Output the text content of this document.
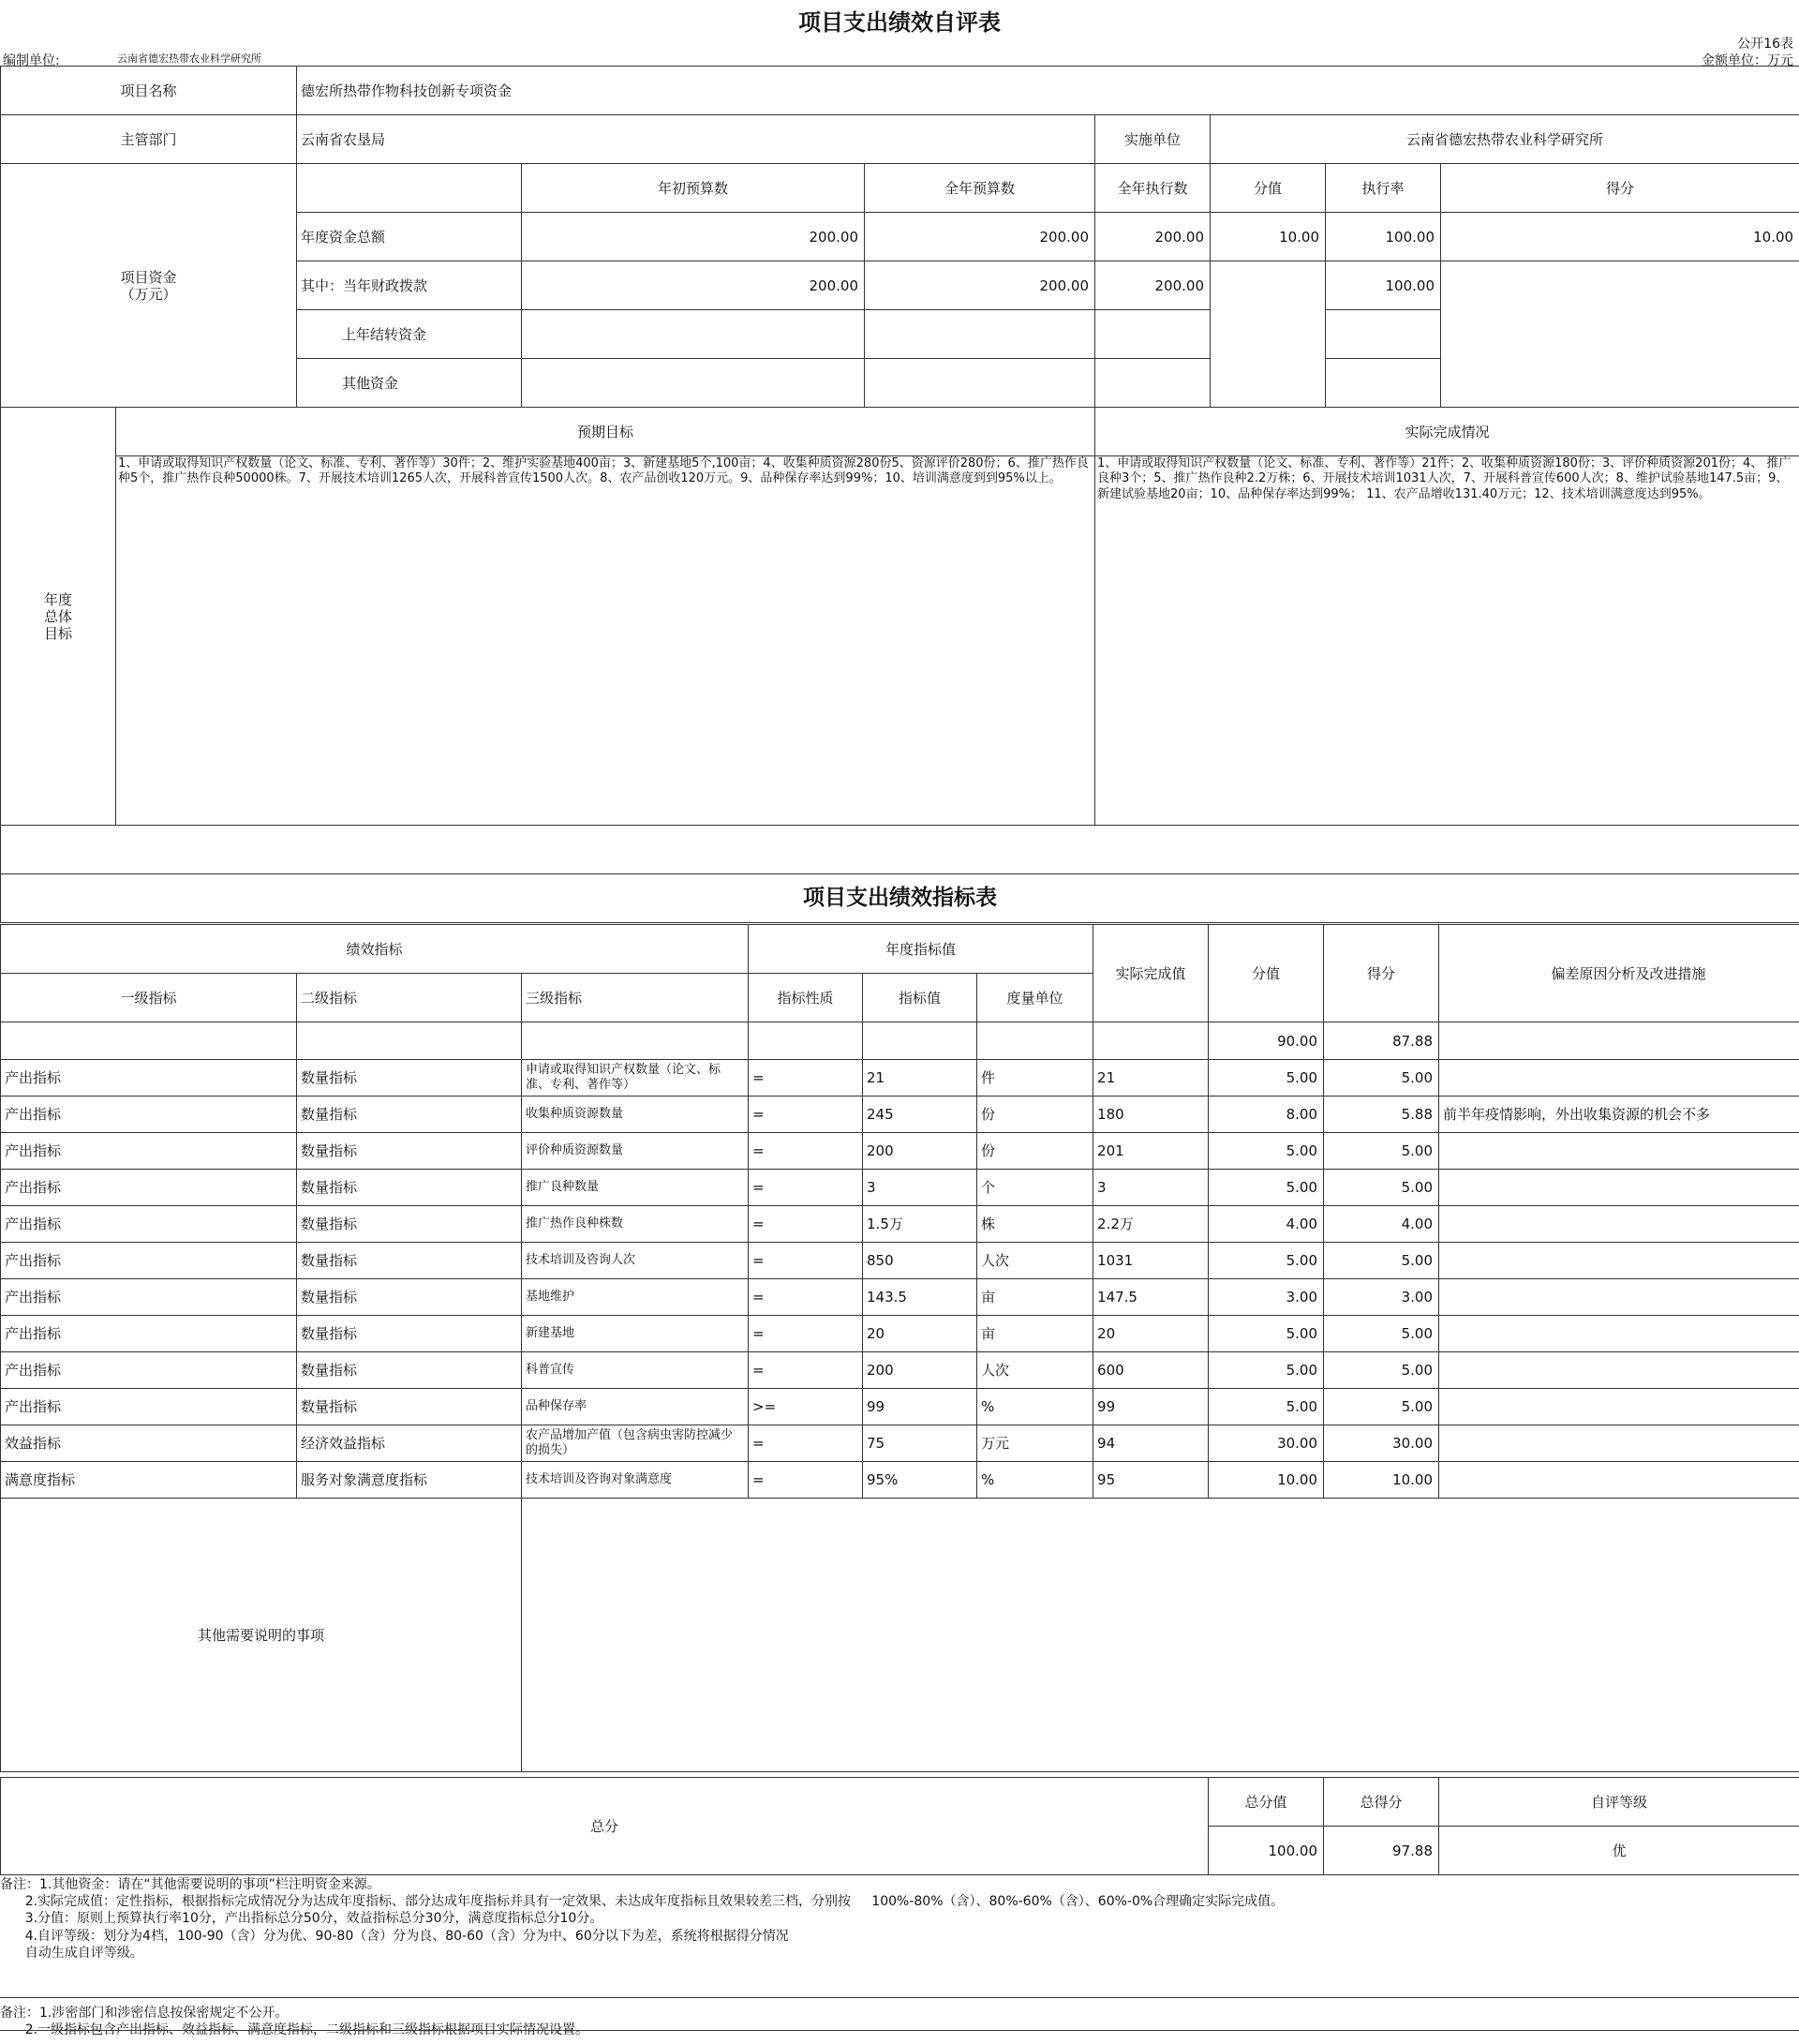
项目支出绩效自评表
公开16表
编制单位:	云南省德宏热带农业科学研究所	金额单位：万元
项目名称		德宏所热带作物科技创新专项资金						
主管部门		云南省农垦局			实施单位	云南省德宏热带农业科学研究所		
项目资金
（万元）			年初预算数	全年预算数	全年执行数	分值	执行率	得分
		年度资金总额	200.00	200.00	200.00	10.00	100.00	10.00
		其中：当年财政拨款	200.00	200.00	200.00		100.00	
		上年结转资金						
		其他资金						
年度
总体
目标	预期目标				实际完成情况			
	1、申请或取得知识产权数量（论文、标准、专利、著作等）30件；2、维护实验基地400亩；3、新建基地5个,100亩；4、收集种质资源280份5、资源评价280份；6、推广热作良种5个，推广热作良种50000株。7、开展技术培训1265人次，开展科普宣传1500人次。8、农产品创收120万元。9、品种保存率达到99%；10、培训满意度到到95%以上。				1、申请或取得知识产权数量（论文、标准、专利、著作等）21件；2、收集种质资源180份；3、评价种质资源201份；4、 推广良种3个；5、推广热作良种2.2万株；6、开展技术培训1031人次，7、开展科普宣传600人次；8、维护试验基地147.5亩；9、新建试验基地20亩；10、品种保存率达到99%； 11、农产品增收131.40万元；12、技术培训满意度达到95%。			

项目支出绩效指标表								
绩效指标			年度指标值			实际完成值	分值	得分	偏差原因分析及改进措施
一级指标	二级指标	三级指标	指标性质	指标值	度量单位				
							90.00	87.88	
产出指标	数量指标	申请或取得知识产权数量（论文、标准、专利、著作等）	=	21	件	21	5.00	5.00	
产出指标	数量指标	收集种质资源数量	=	245	份	180	8.00	5.88	前半年疫情影响，外出收集资源的机会不多
产出指标	数量指标	评价种质资源数量	=	200	份	201	5.00	5.00	
产出指标	数量指标	推广良种数量	=	3	个	3	5.00	5.00	
产出指标	数量指标	推广热作良种株数	=	1.5万	株	2.2万	4.00	4.00	
产出指标	数量指标	技术培训及咨询人次	=	850	人次	1031	5.00	5.00	
产出指标	数量指标	基地维护	=	143.5	亩	147.5	3.00	3.00	
产出指标	数量指标	新建基地	=	20	亩	20	5.00	5.00	
产出指标	数量指标	科普宣传	=	200	人次	600	5.00	5.00	
产出指标	数量指标	品种保存率	>=	99	%	99	5.00	5.00	
效益指标	经济效益指标	农产品增加产值（包含病虫害防控减少的损失）	=	75	万元	94	30.00	30.00	
满意度指标	服务对象满意度指标	技术培训及咨询对象满意度	=	95%	%	95	10.00	10.00	
其他需要说明的事项									
总分	总分值	总得分	自评等级
	100.00	97.88	优
备注：1.其他资金：请在“其他需要说明的事项”栏注明资金来源。
2.实际完成值：定性指标，根据指标完成情况分为达成年度指标、部分达成年度指标并具有一定效果、未达成年度指标且效果较差三档，分别按     100%-80%（含）、80%-60%（含）、60%-0%合理确定实际完成值。
3.分值：原则上预算执行率10分，产出指标总分50分，效益指标总分30分，满意度指标总分10分。
4.自评等级：划分为4档，100-90（含）分为优、90-80（含）分为良、80-60（含）分为中、60分以下为差，系统将根据得分情况
自动生成自评等级。
备注：1.涉密部门和涉密信息按保密规定不公开。
2.一级指标包含产出指标、效益指标、满意度指标，二级指标和三级指标根据项目实际情况设置。
